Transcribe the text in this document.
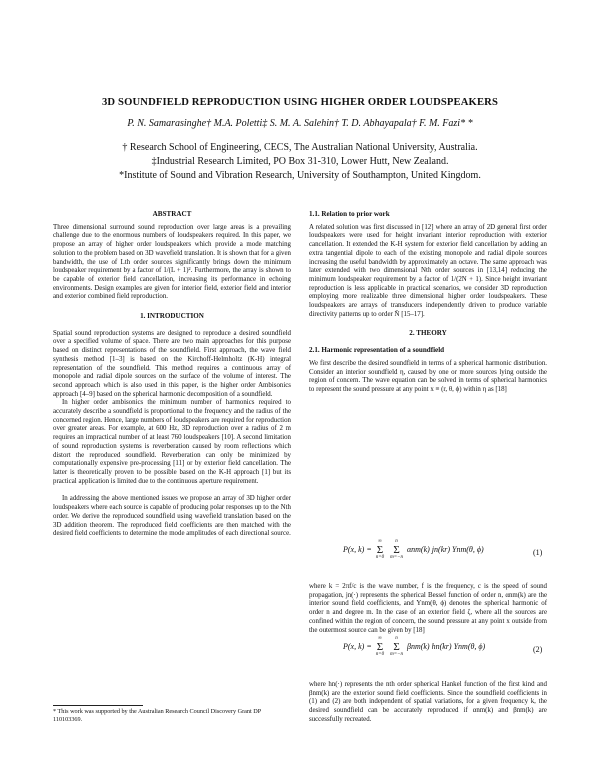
3D SOUNDFIELD REPRODUCTION USING HIGHER ORDER LOUDSPEAKERS
P. N. Samarasinghe† M.A. Poletti‡ S. M. A. Salehin† T. D. Abhayapala† F. M. Fazi* *
† Research School of Engineering, CECS, The Australian National University, Australia.
‡Industrial Research Limited, PO Box 31-310, Lower Hutt, New Zealand.
*Institute of Sound and Vibration Research, University of Southampton, United Kingdom.
ABSTRACT

Three dimensional surround sound reproduction over large areas is a prevailing challenge due to the enormous numbers of loudspeakers required. In this paper, we propose an array of higher order loudspeakers which provide a mode matching solution to the problem based on 3D wavefield translation. It is shown that for a given bandwidth, the use of Lth order sources significantly brings down the minimum loudspeaker requirement by a factor of 1/(L + 1)². Furthermore, the array is shown to be capable of exterior field cancellation, increasing its performance in echoing environments. Design examples are given for interior field, exterior field and interior and exterior combined field reproduction.

1. INTRODUCTION

Spatial sound reproduction systems are designed to reproduce a desired soundfield over a specified volume of space. There are two main approaches for this purpose based on distinct representations of the soundfield. First approach, the wave field synthesis method [1–3] is based on the Kirchoff-Helmholtz (K-H) integral representation of the soundfield. This method requires a continuous array of monopole and radial dipole sources on the surface of the volume of interest. The second approach which is also used in this paper, is the higher order Ambisonics approach [4–9] based on the spherical harmonic decomposition of a soundfield.

In higher order ambisonics the minimum number of harmonics required to accurately describe a soundfield is proportional to the frequency and the radius of the concerned region. Hence, large numbers of loudspeakers are required for reproduction over greater areas. For example, at 600 Hz, 3D reproduction over a radius of 2 m requires an impractical number of at least 760 loudspeakers [10]. A second limitation of sound reproduction systems is reverberation caused by room reflections which distort the reproduced soundfield. Reverberation can only be minimized by computationally expensive pre-processing [11] or by exterior field cancellation. The latter is theoretically proven to be possible based on the K-H approach [1] but its practical application is limited due to the continuous aperture requirement.

In addressing the above mentioned issues we propose an array of 3D higher order loudspeakers where each source is capable of producing polar responses up to the Nth order. We derive the reproduced soundfield using wavefield translation based on the 3D addition theorem. The reproduced field coefficients are then matched with the desired field coefficients to determine the mode amplitudes of each directional source.

* This work was supported by the Australian Research Council Discovery Grant DP 110103369.
1.1. Relation to prior work

A related solution was first discussed in [12] where an array of 2D general first order loudspeakers were used for height invariant interior reproduction with exterior cancellation. It extended the K-H system for exterior field cancellation by adding an extra tangential dipole to each of the existing monopole and radial dipole sources increasing the useful bandwidth by approximately an octave. The same approach was later extended with two dimensional Nth order sources in [13,14] reducing the minimum loudspeaker requirement by a factor of 1/(2N + 1). Since height invariant reproduction is less applicable in practical scenarios, we consider 3D reproduction employing more realizable three dimensional higher order loudspeakers. These loudspeakers are arrays of transducers independently driven to produce variable directivity patterns up to order N̄ [15–17].

2. THEORY
2.1. Harmonic representation of a soundfield

We first describe the desired soundfield in terms of a spherical harmonic distribution. Consider an interior soundfield η, caused by one or more sources lying outside the region of concern. The wave equation can be solved in terms of spherical harmonics to represent the sound pressure at any point x ≡ (r, θ, ϕ) within η as [18]

P(x, k) =
∞
Σ
n=0

n
Σ
m=−n
αnm(k) jn(kr) Ynm(θ, ϕ)	(1)

where k = 2πf/c is the wave number, f is the frequency, c is the speed of sound propagation, jn(·) represents the spherical Bessel function of order n, αnm(k) are the interior sound field coefficients, and Ynm(θ, ϕ) denotes the spherical harmonic of order n and degree m. In the case of an exterior field ζ, where all the sources are confined within the region of concern, the sound pressure at any point x outside from the outermost source can be given by [18]

P(x, k) =
∞
Σ
n=0

n
Σ
m=−n
βnm(k) hn(kr) Ynm(θ, ϕ)	(2)

where hn(·) represents the nth order spherical Hankel function of the first kind and βnm(k) are the exterior sound field coefficients. Since the soundfield coefficients in (1) and (2) are both independent of spatial variations, for a given frequency k, the desired soundfield can be accurately reproduced if αnm(k) and βnm(k) are successfully recreated.
